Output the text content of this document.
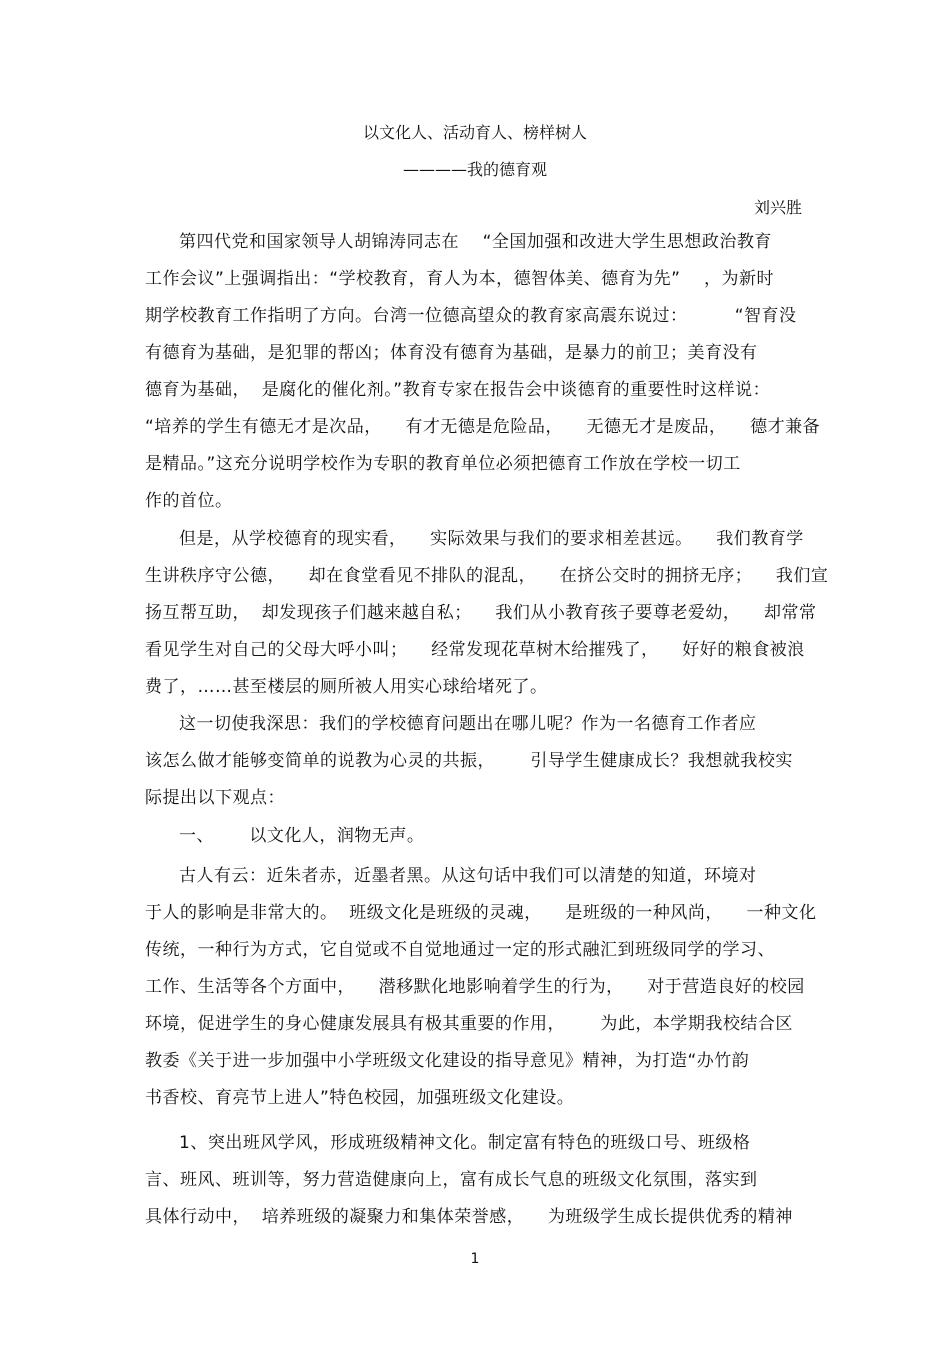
以文化人、活动育人、榜样树人
————我的德育观
刘兴胜
第四代党和国家领导人胡锦涛同志在    “全国加强和改进大学生思想政治教育
工作会议”上强调指出：“学校教育，育人为本，德智体美、德育为先”    ，为新时
期学校教育工作指明了方向。台湾一位德高望众的教育家高震东说过：        “智育没
有德育为基础，是犯罪的帮凶；体育没有德育为基础，是暴力的前卫；美育没有
德育为基础，  是腐化的催化剂。”教育专家在报告会中谈德育的重要性时这样说：
“培养的学生有德无才是次品，    有才无德是危险品，    无德无才是废品，    德才兼备
是精品。”这充分说明学校作为专职的教育单位必须把德育工作放在学校一切工
作的首位。
但是，从学校德育的现实看，    实际效果与我们的要求相差甚远。    我们教育学
生讲秩序守公德，    却在食堂看见不排队的混乱，    在挤公交时的拥挤无序；    我们宣
扬互帮互助，  却发现孩子们越来越自私；    我们从小教育孩子要尊老爱幼，    却常常
看见学生对自己的父母大呼小叫；    经常发现花草树木给摧残了，    好好的粮食被浪
费了，……甚至楼层的厕所被人用实心球给堵死了。
这一切使我深思：我们的学校德育问题出在哪儿呢？作为一名德育工作者应
该怎么做才能够变简单的说教为心灵的共振，      引导学生健康成长？我想就我校实
际提出以下观点：
一、      以文化人，润物无声。
古人有云：近朱者赤，近墨者黑。从这句话中我们可以清楚的知道，环境对
于人的影响是非常大的。  班级文化是班级的灵魂，    是班级的一种风尚，    一种文化
传统，一种行为方式，它自觉或不自觉地通过一定的形式融汇到班级同学的学习、
工作、生活等各个方面中，    潜移默化地影响着学生的行为，    对于营造良好的校园
环境，促进学生的身心健康发展具有极其重要的作用，      为此，本学期我校结合区
教委《关于进一步加强中小学班级文化建设的指导意见》精神，为打造“办竹韵
书香校、育亮节上进人”特色校园，加强班级文化建设。
1、突出班风学风，形成班级精神文化。制定富有特色的班级口号、班级格
言、班风、班训等，努力营造健康向上，富有成长气息的班级文化氛围，落实到
具体行动中，  培养班级的凝聚力和集体荣誉感，    为班级学生成长提供优秀的精神
1
